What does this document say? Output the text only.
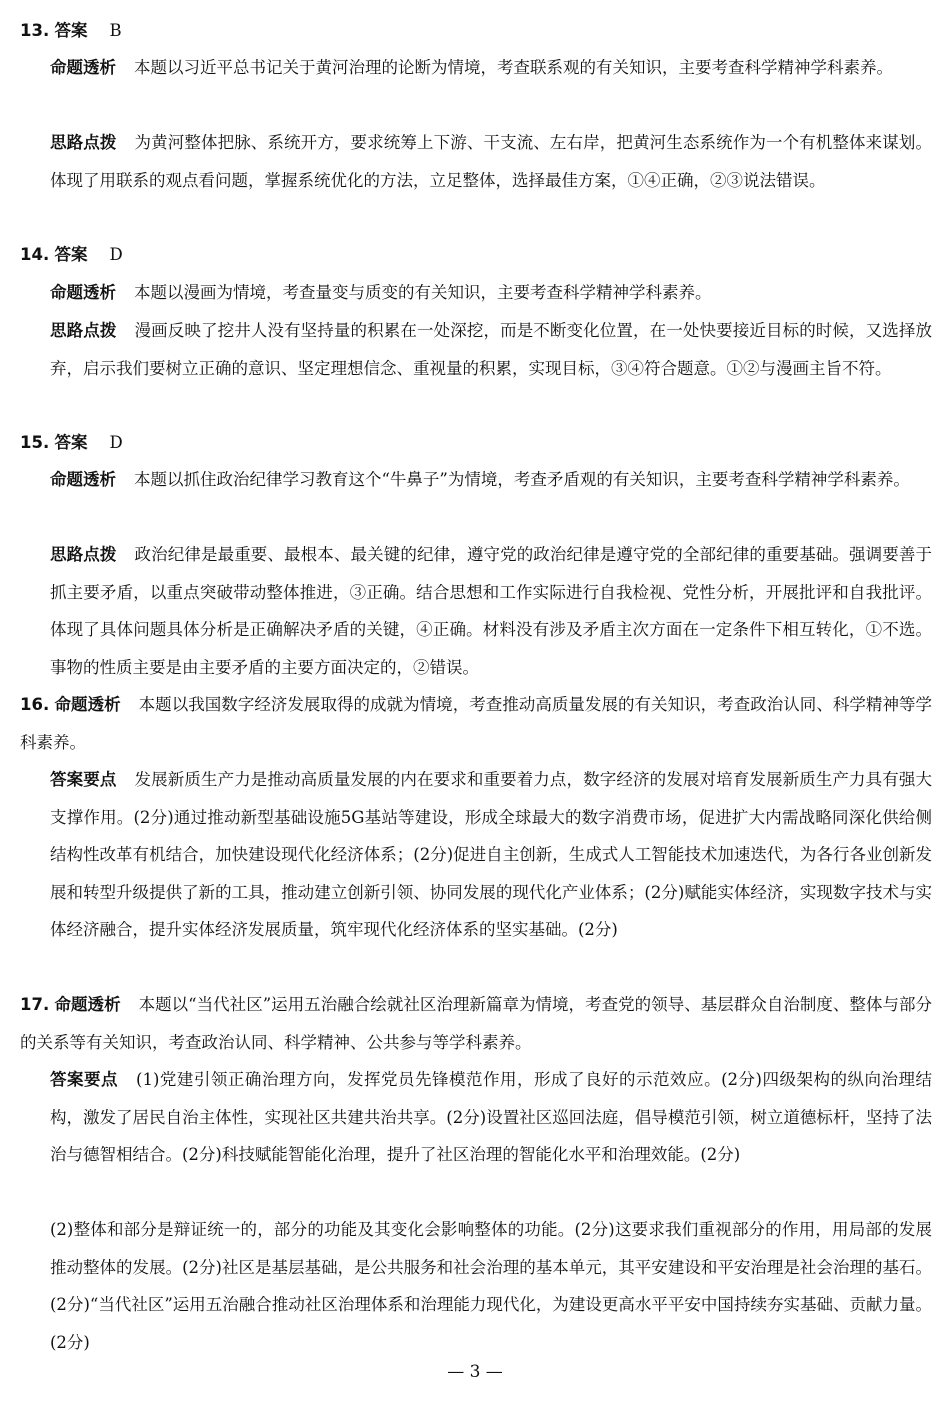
13. 答案 B
命题透析 本题以习近平总书记关于黄河治理的论断为情境，考查联系观的有关知识，主要考查科学精神学科素养。
思路点拨 为黄河整体把脉、系统开方，要求统筹上下游、干支流、左右岸，把黄河生态系统作为一个有机整体来谋划。体现了用联系的观点看问题，掌握系统优化的方法，立足整体，选择最佳方案，①④正确，②③说法错误。
14. 答案 D
命题透析 本题以漫画为情境，考查量变与质变的有关知识，主要考查科学精神学科素养。
思路点拨 漫画反映了挖井人没有坚持量的积累在一处深挖，而是不断变化位置，在一处快要接近目标的时候，又选择放弃，启示我们要树立正确的意识、坚定理想信念、重视量的积累，实现目标，③④符合题意。①②与漫画主旨不符。
15. 答案 D
命题透析 本题以抓住政治纪律学习教育这个“牛鼻子”为情境，考查矛盾观的有关知识，主要考查科学精神学科素养。
思路点拨 政治纪律是最重要、最根本、最关键的纪律，遵守党的政治纪律是遵守党的全部纪律的重要基础。强调要善于抓主要矛盾，以重点突破带动整体推进，③正确。结合思想和工作实际进行自我检视、党性分析，开展批评和自我批评。体现了具体问题具体分析是正确解决矛盾的关键，④正确。材料没有涉及矛盾主次方面在一定条件下相互转化，①不选。事物的性质主要是由主要矛盾的主要方面决定的，②错误。
16. 命题透析 本题以我国数字经济发展取得的成就为情境，考查推动高质量发展的有关知识，考查政治认同、科学精神等学科素养。
答案要点 发展新质生产力是推动高质量发展的内在要求和重要着力点，数字经济的发展对培育发展新质生产力具有强大支撑作用。(2分)通过推动新型基础设施5G基站等建设，形成全球最大的数字消费市场，促进扩大内需战略同深化供给侧结构性改革有机结合，加快建设现代化经济体系；(2分)促进自主创新，生成式人工智能技术加速迭代，为各行各业创新发展和转型升级提供了新的工具，推动建立创新引领、协同发展的现代化产业体系；(2分)赋能实体经济，实现数字技术与实体经济融合，提升实体经济发展质量，筑牢现代化经济体系的坚实基础。(2分)
17. 命题透析 本题以“当代社区”运用五治融合绘就社区治理新篇章为情境，考查党的领导、基层群众自治制度、整体与部分的关系等有关知识，考查政治认同、科学精神、公共参与等学科素养。
答案要点 (1)党建引领正确治理方向，发挥党员先锋模范作用，形成了良好的示范效应。(2分)四级架构的纵向治理结构，激发了居民自治主体性，实现社区共建共治共享。(2分)设置社区巡回法庭，倡导模范引领，树立道德标杆，坚持了法治与德智相结合。(2分)科技赋能智能化治理，提升了社区治理的智能化水平和治理效能。(2分)
(2)整体和部分是辩证统一的，部分的功能及其变化会影响整体的功能。(2分)这要求我们重视部分的作用，用局部的发展推动整体的发展。(2分)社区是基层基础，是公共服务和社会治理的基本单元，其平安建设和平安治理是社会治理的基石。(2分)“当代社区”运用五治融合推动社区治理体系和治理能力现代化，为建设更高水平平安中国持续夯实基础、贡献力量。(2分)
— 3 —
